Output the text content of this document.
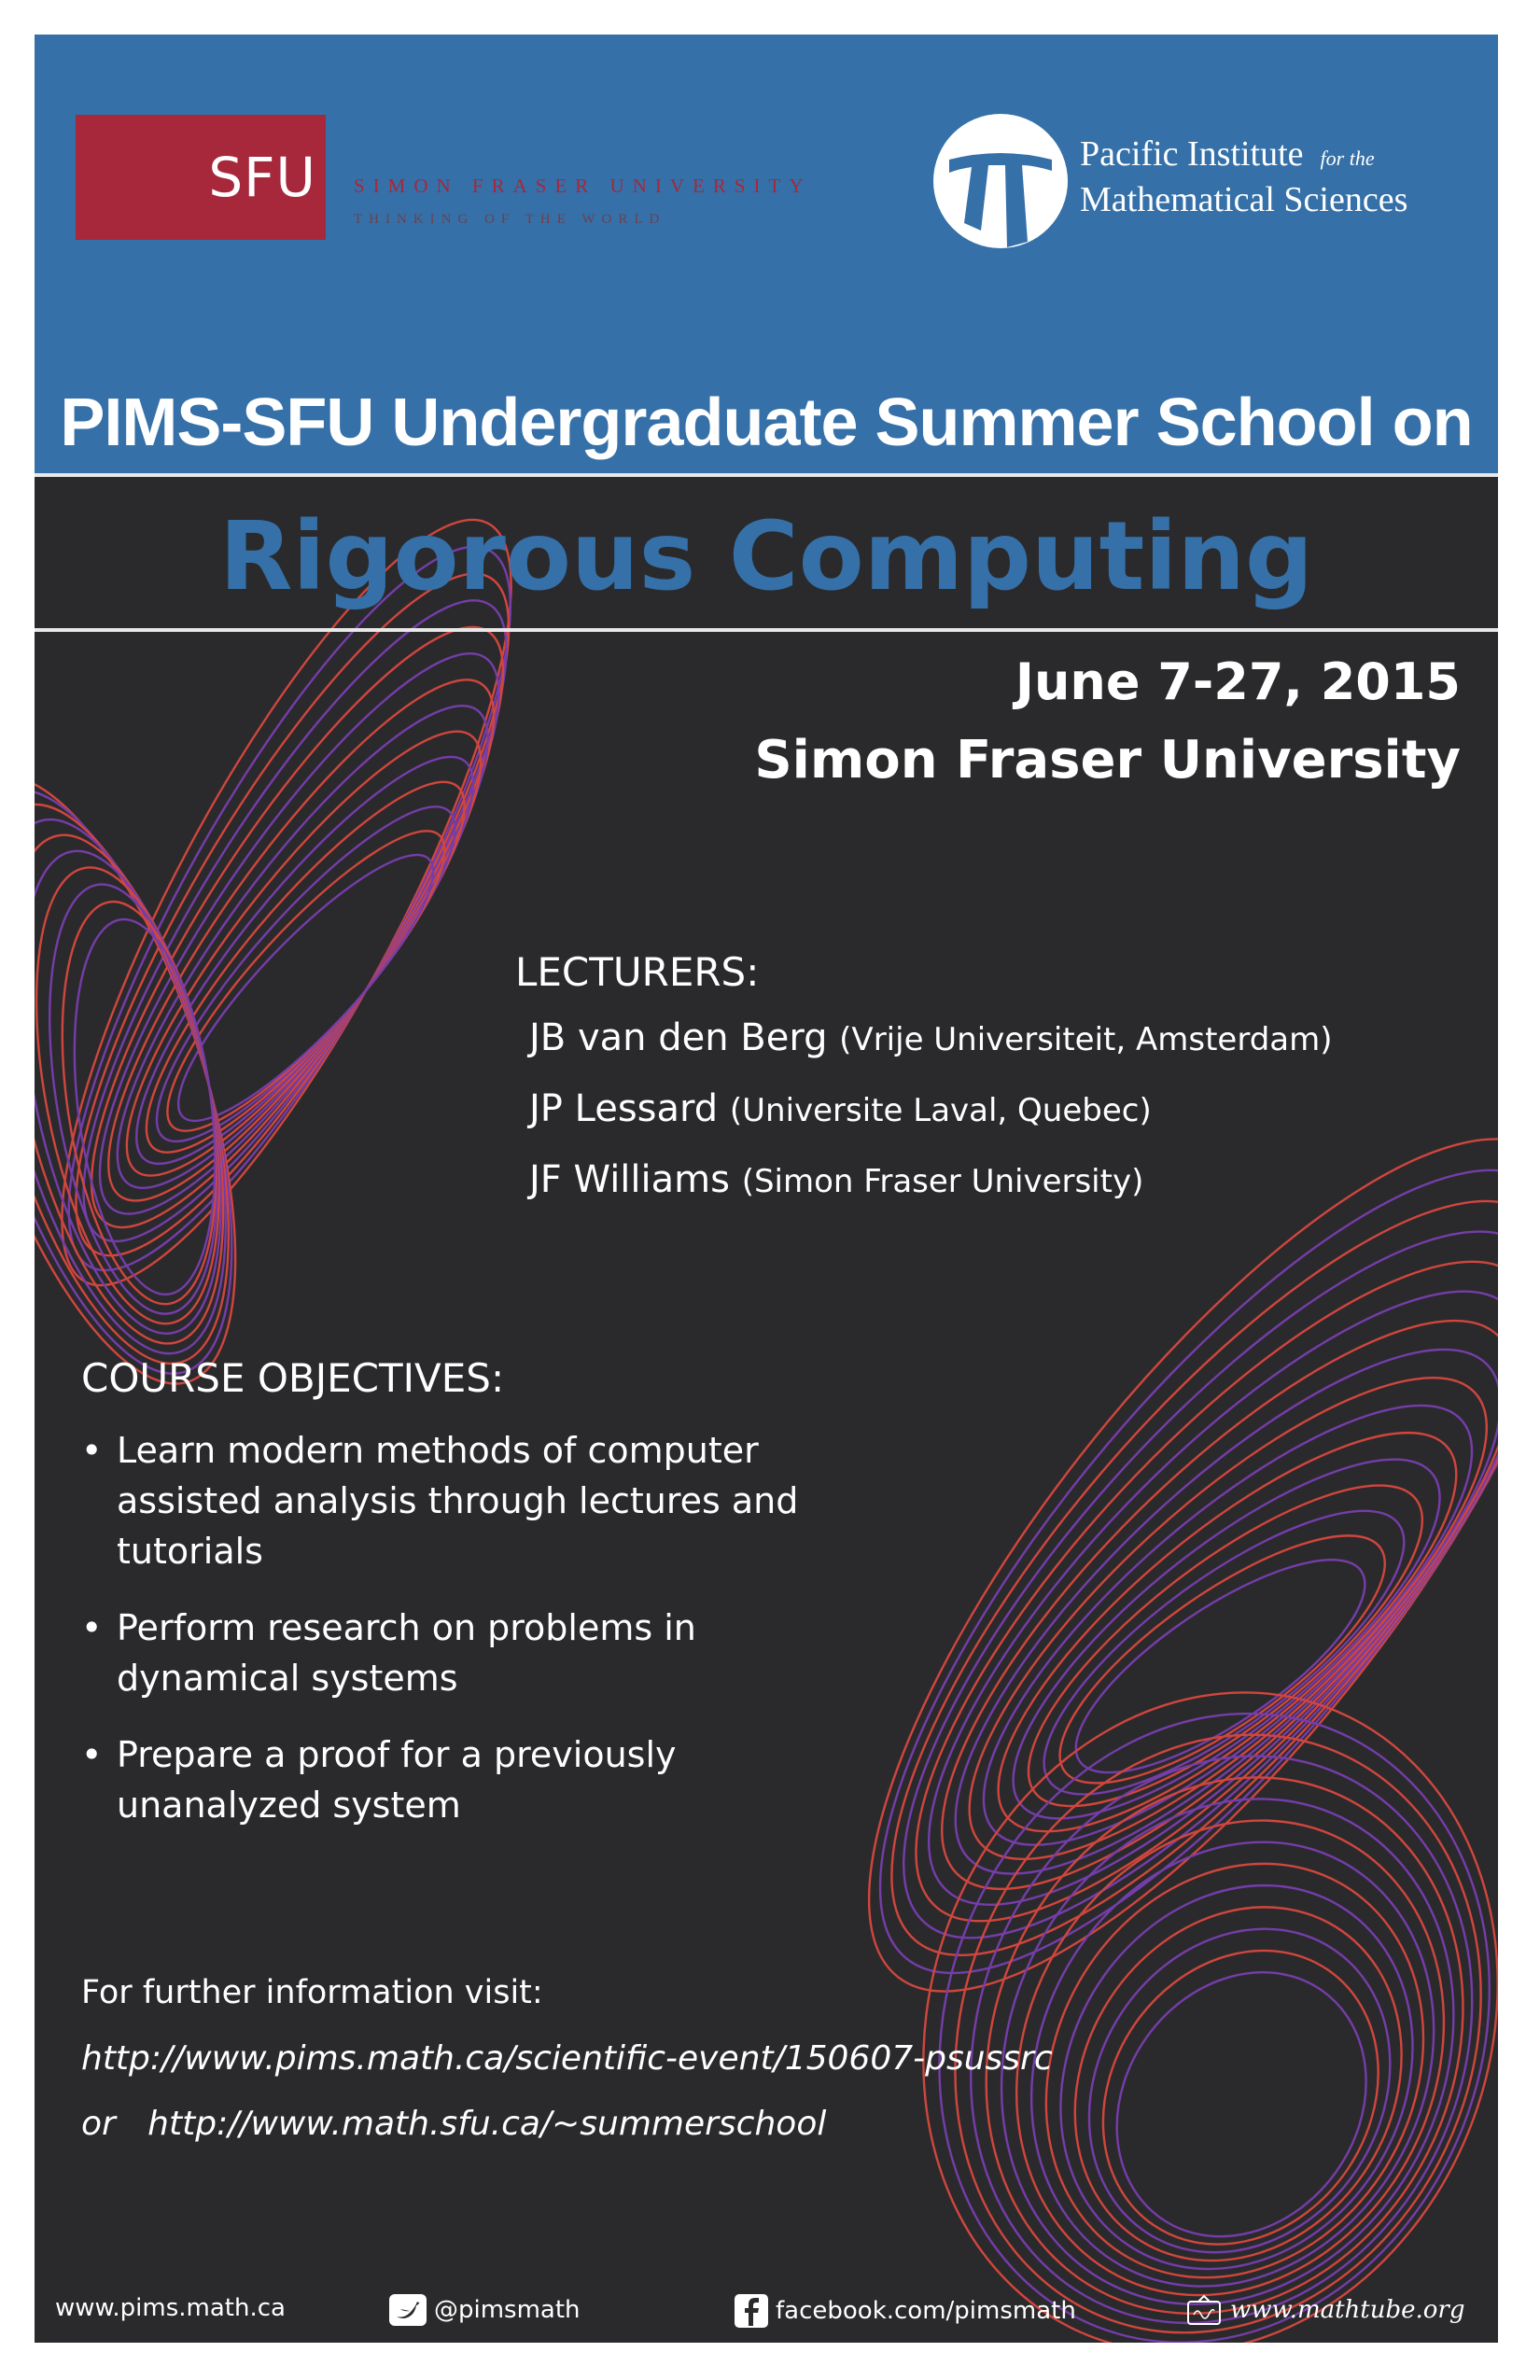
SFU	SIMON FRASER UNIVERSITY
THINKING OF THE WORLD
Pacific Institute for the
Mathematical Sciences
PIMS-SFU Undergraduate Summer School on
Rigorous Computing
June 7-27, 2015
Simon Fraser University
LECTURERS:
JB van den Berg (Vrije Universiteit, Amsterdam)
JP Lessard (Universite Laval, Quebec)
JF Williams (Simon Fraser University)
COURSE OBJECTIVES:
• Learn modern methods of computer assisted analysis through lectures and tutorials
• Perform research on problems in dynamical systems
• Prepare a proof for a previously unanalyzed system
For further information visit:
http://www.pims.math.ca/scientific-event/150607-psussrc
or http://www.math.sfu.ca/~summerschool
www.pims.math.ca	@pimsmath	facebook.com/pimsmath	www.mathtube.org
